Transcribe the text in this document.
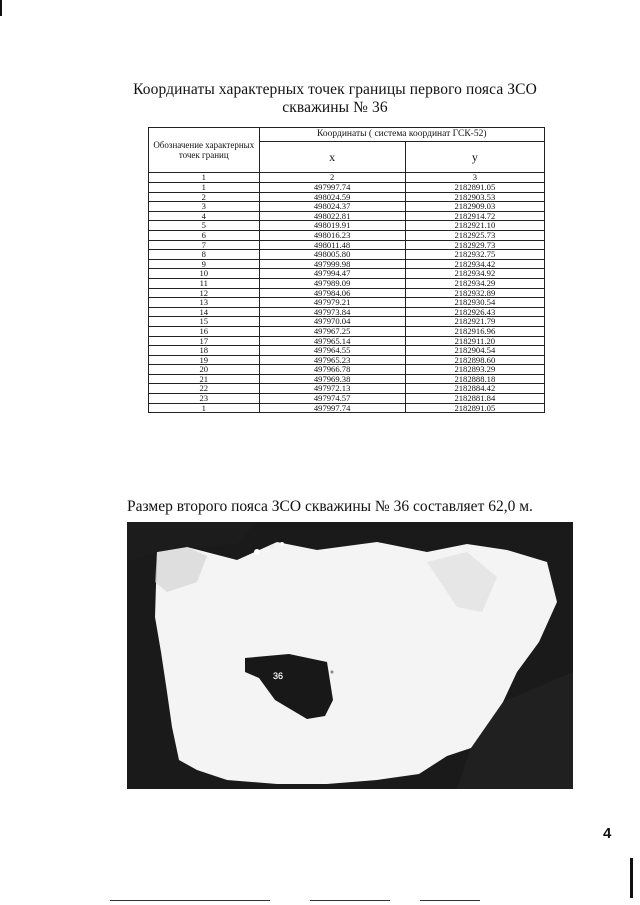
Координаты характерных точек границы первого пояса ЗСО
скважины № 36
Обозначение характерных точек границ	Координаты ( система координат ГСК-52)	
	x	y
1	2	3
1	497997.74	2182891.05
2	498024.59	2182903.53
3	498024.37	2182909.03
4	498022.81	2182914.72
5	498019.91	2182921.10
6	498016.23	2182925.73
7	498011.48	2182929.73
8	498005.80	2182932.75
9	497999.98	2182934.42
10	497994.47	2182934.92
11	497989.09	2182934.29
12	497984.06	2182932.89
13	497979.21	2182930.54
14	497973.84	2182926.43
15	497970.04	2182921.79
16	497967.25	2182916.96
17	497965.14	2182911.20
18	497964.55	2182904.54
19	497965.23	2182898.60
20	497966.78	2182893.29
21	497969.38	2182888.18
22	497972.13	2182884.42
23	497974.57	2182881.84
1	497997.74	2182891.05
Размер второго пояса ЗСО скважины № 36 составляет 62,0 м.
36
4
